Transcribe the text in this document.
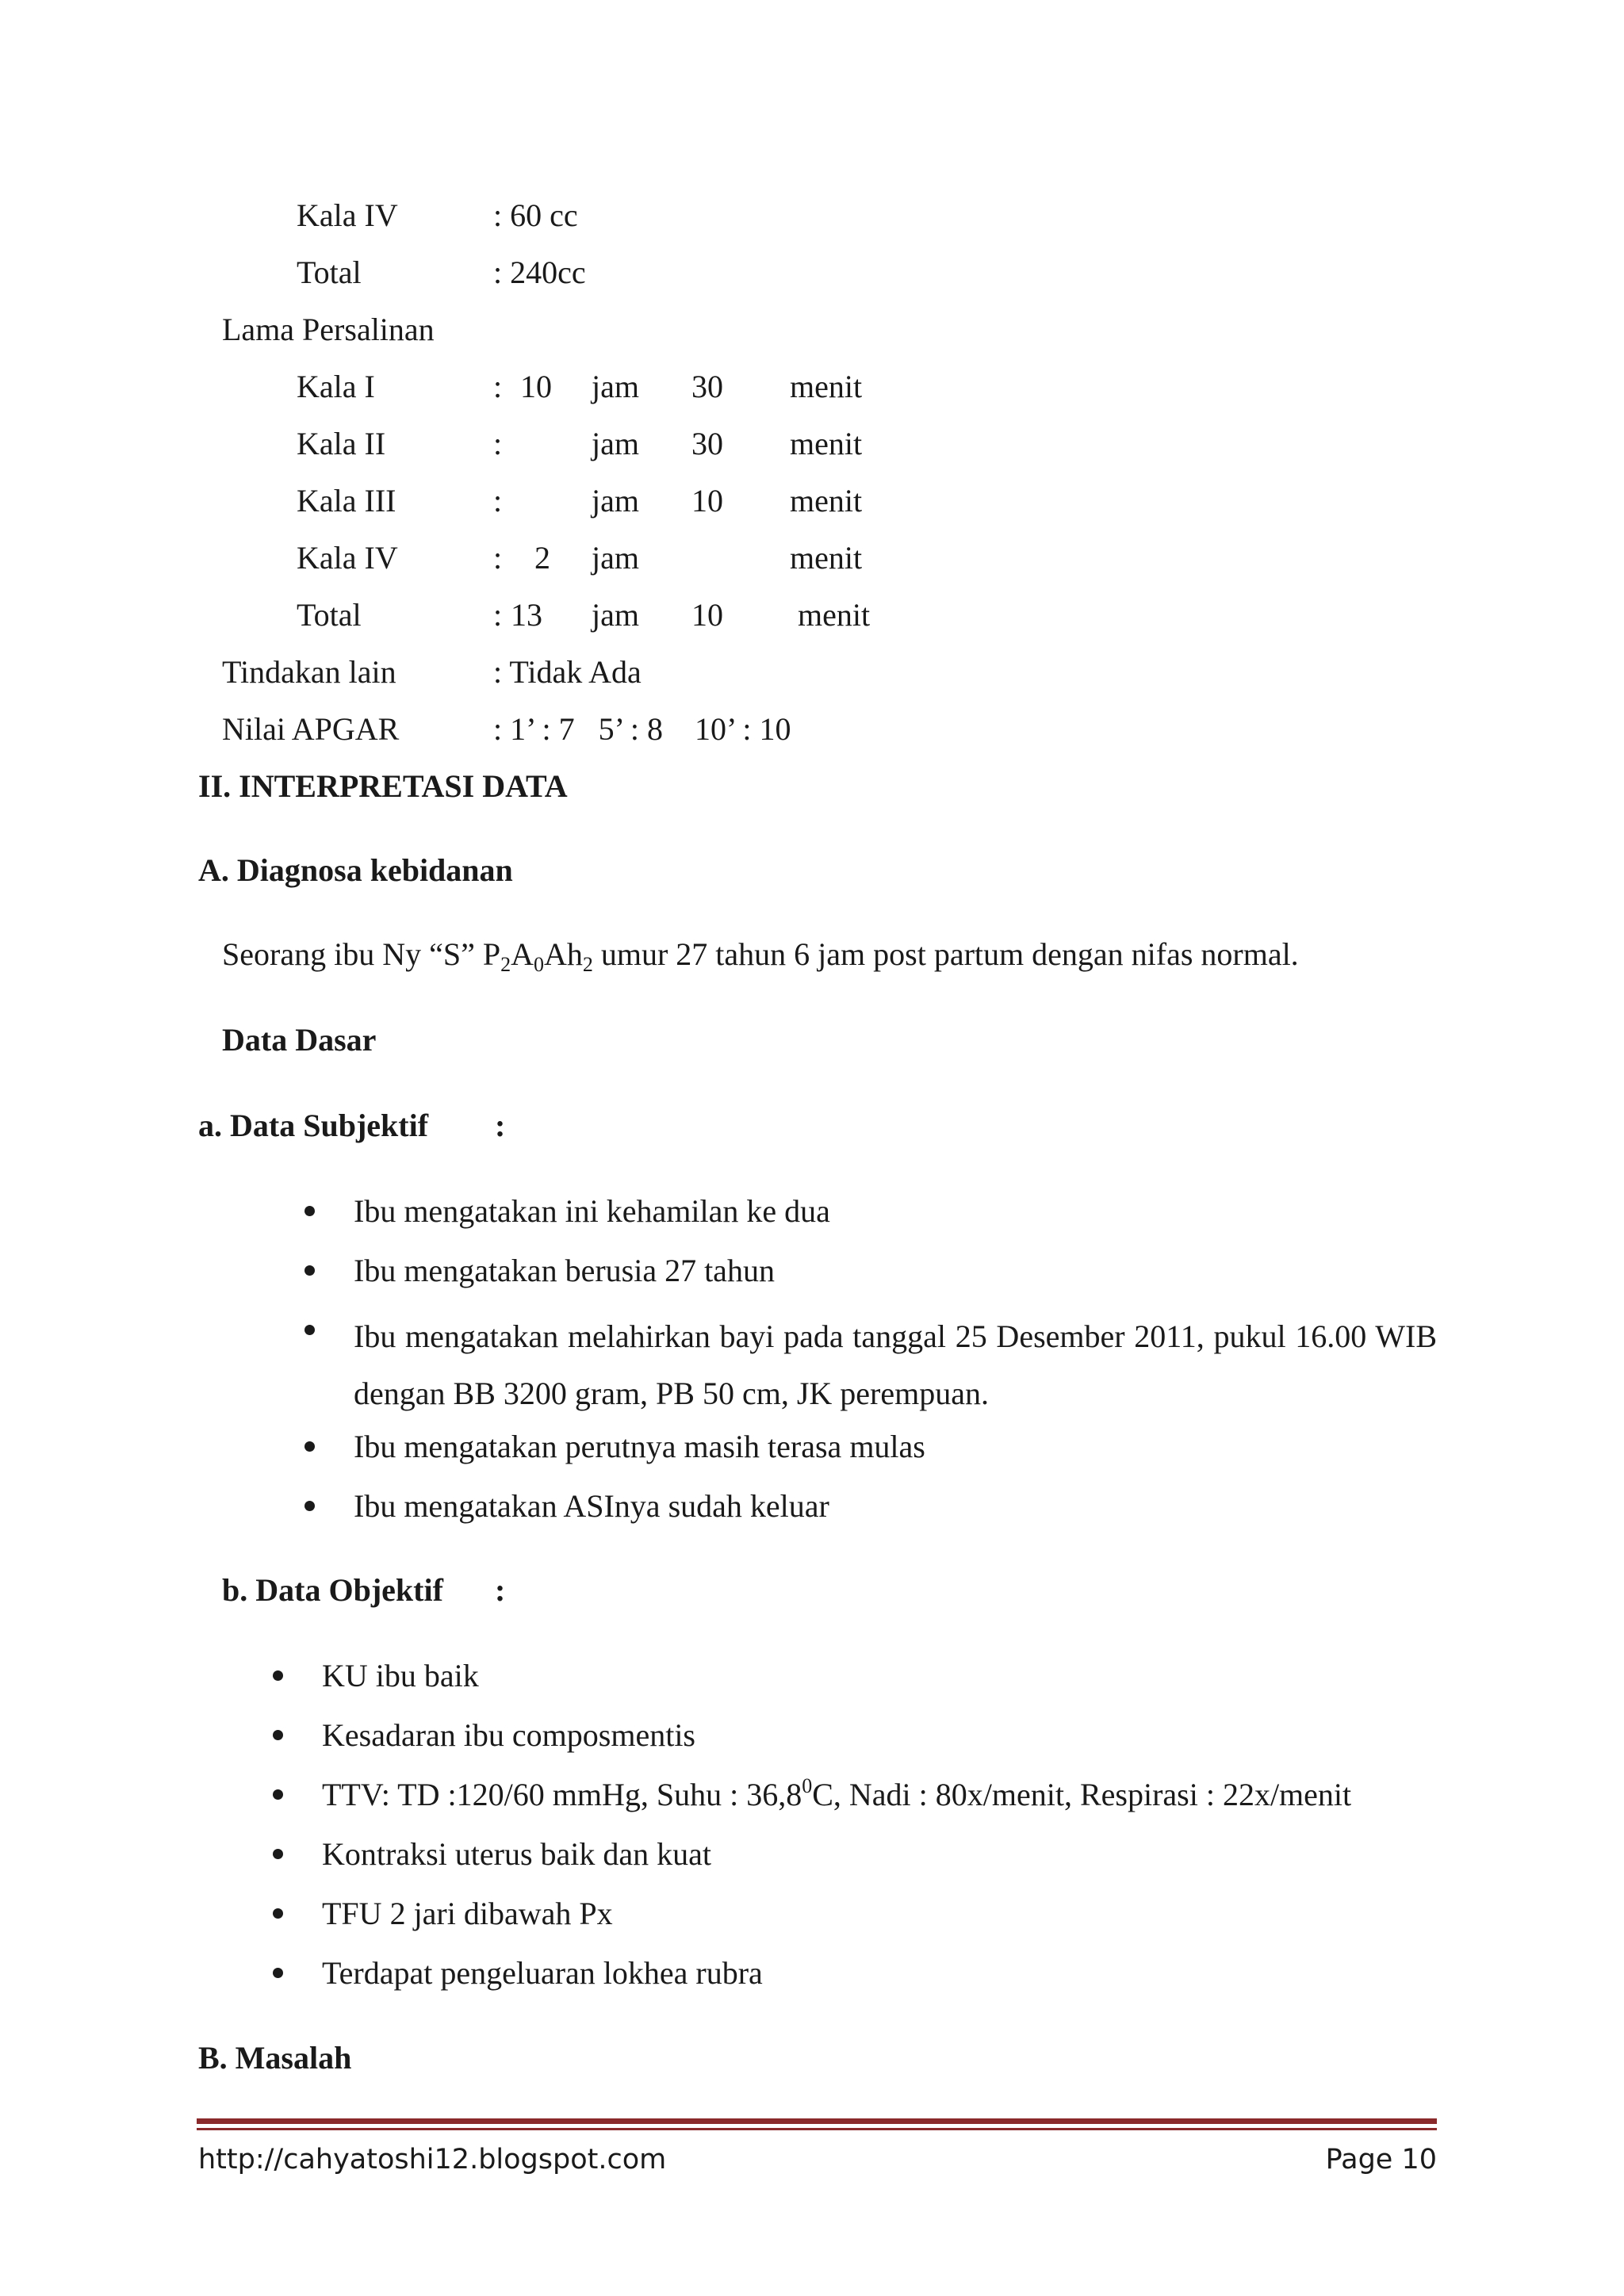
Kala IV	: 60 cc
Total	: 240cc
Lama Persalinan
Kala I	: 10 jam 30 menit
Kala II	:	jam 30 menit
Kala III	:	jam 10 menit
Kala IV	: 2 jam	menit
Total	: 13 jam 10 menit
Tindakan lain	: Tidak Ada
Nilai APGAR	: 1’ : 7   5’ : 8    10’ : 10
II. INTERPRETASI DATA
A. Diagnosa kebidanan
Seorang ibu Ny “S” $P_2A_0Ah_2$ umur 27 tahun 6 jam post partum dengan nifas normal.
Data Dasar
a. Data Subjektif :
Ibu mengatakan ini kehamilan ke dua
Ibu mengatakan berusia 27 tahun
Ibu mengatakan melahirkan bayi pada tanggal 25 Desember 2011, pukul 16.00 WIB dengan BB 3200 gram, PB 50 cm, JK perempuan.
Ibu mengatakan perutnya masih terasa mulas
Ibu mengatakan ASInya sudah keluar
b. Data Objektif :
KU ibu baik
Kesadaran ibu composmentis
TTV: TD :120/60 mmHg, Suhu : 36,8$^0$C, Nadi : 80x/menit, Respirasi : 22x/menit
Kontraksi uterus baik dan kuat
TFU 2 jari dibawah Px
Terdapat pengeluaran lokhea rubra
B. Masalah
http://cahyatoshi12.blogspot.com	Page 10
